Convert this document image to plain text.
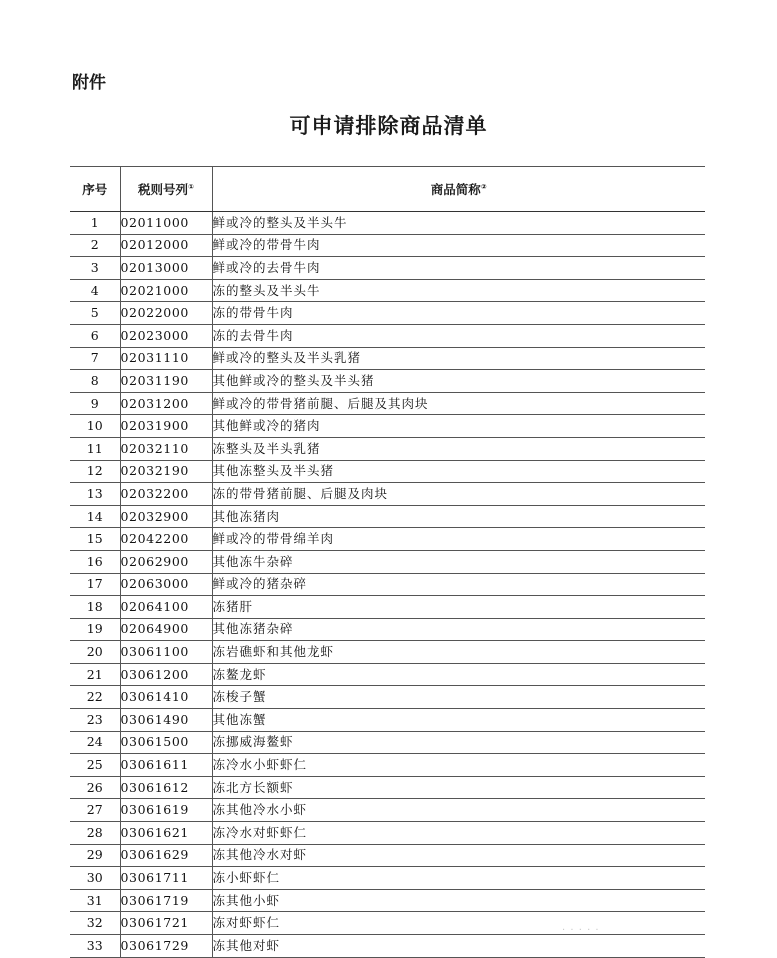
附件
可申请排除商品清单
序号	税则号列①	商品简称②
1	02011000	鲜或冷的整头及半头牛
2	02012000	鲜或冷的带骨牛肉
3	02013000	鲜或冷的去骨牛肉
4	02021000	冻的整头及半头牛
5	02022000	冻的带骨牛肉
6	02023000	冻的去骨牛肉
7	02031110	鲜或冷的整头及半头乳猪
8	02031190	其他鲜或冷的整头及半头猪
9	02031200	鲜或冷的带骨猪前腿、后腿及其肉块
10	02031900	其他鲜或冷的猪肉
11	02032110	冻整头及半头乳猪
12	02032190	其他冻整头及半头猪
13	02032200	冻的带骨猪前腿、后腿及肉块
14	02032900	其他冻猪肉
15	02042200	鲜或冷的带骨绵羊肉
16	02062900	其他冻牛杂碎
17	02063000	鲜或冷的猪杂碎
18	02064100	冻猪肝
19	02064900	其他冻猪杂碎
20	03061100	冻岩礁虾和其他龙虾
21	03061200	冻鳌龙虾
22	03061410	冻梭子蟹
23	03061490	其他冻蟹
24	03061500	冻挪威海鳌虾
25	03061611	冻冷水小虾虾仁
26	03061612	冻北方长额虾
27	03061619	冻其他冷水小虾
28	03061621	冻冷水对虾虾仁
29	03061629	冻其他冷水对虾
30	03061711	冻小虾虾仁
31	03061719	冻其他小虾
32	03061721	冻对虾虾仁
33	03061729	冻其他对虾
· · · · ·
